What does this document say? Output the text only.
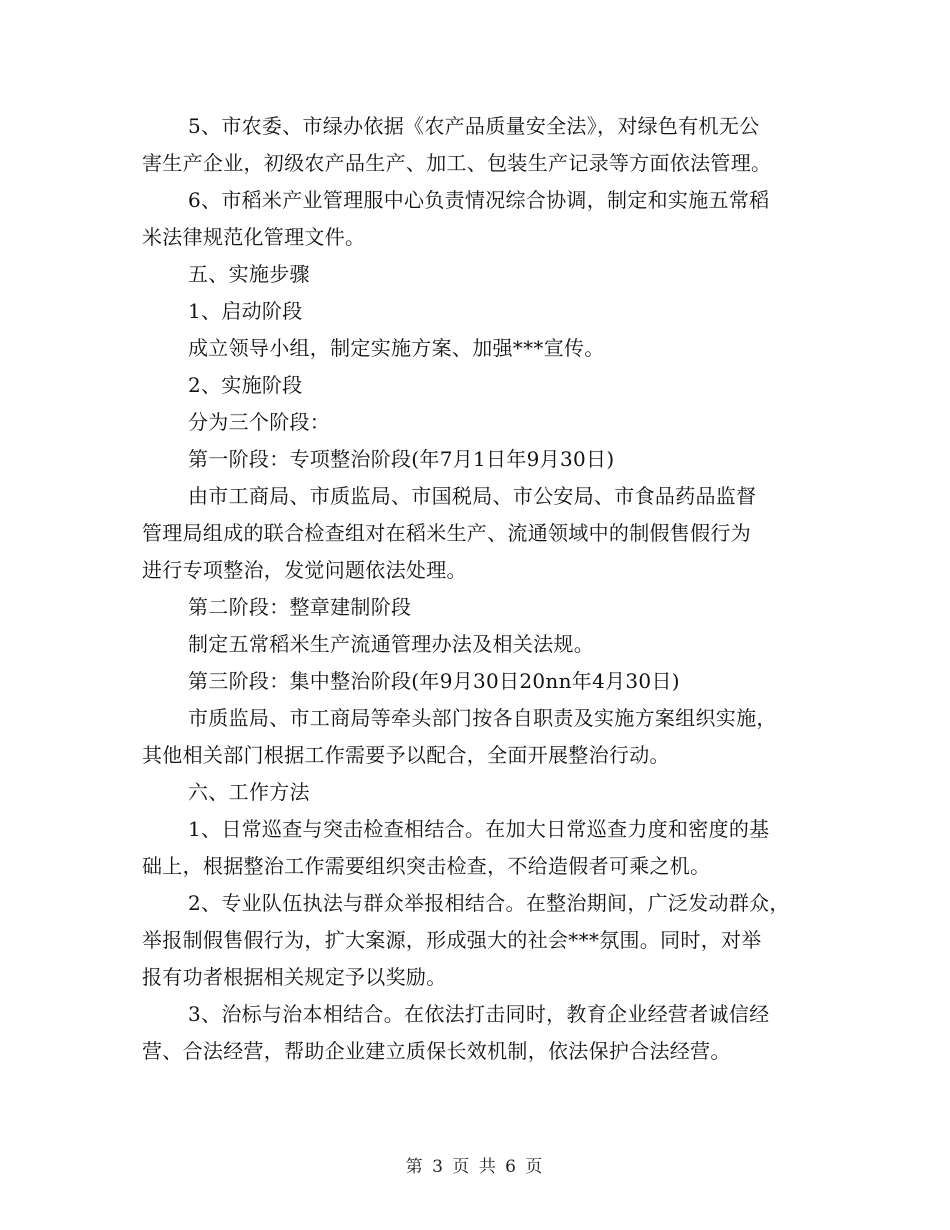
5、市农委、市绿办依据《农产品质量安全法》，对绿色有机无公
害生产企业，初级农产品生产、加工、包装生产记录等方面依法管理。
6、市稻米产业管理服中心负责情况综合协调，制定和实施五常稻
米法律规范化管理文件。
五、实施步骤
1、启动阶段
成立领导小组，制定实施方案、加强***宣传。
2、实施阶段
分为三个阶段：
第一阶段：专项整治阶段(年7月1日年9月30日)
由市工商局、市质监局、市国税局、市公安局、市食品药品监督
管理局组成的联合检查组对在稻米生产、流通领域中的制假售假行为
进行专项整治，发觉问题依法处理。
第二阶段：整章建制阶段
制定五常稻米生产流通管理办法及相关法规。
第三阶段：集中整治阶段(年9月30日20nn年4月30日)
市质监局、市工商局等牵头部门按各自职责及实施方案组织实施，
其他相关部门根据工作需要予以配合，全面开展整治行动。
六、工作方法
1、日常巡查与突击检查相结合。在加大日常巡查力度和密度的基
础上，根据整治工作需要组织突击检查，不给造假者可乘之机。
2、专业队伍执法与群众举报相结合。在整治期间，广泛发动群众，
举报制假售假行为，扩大案源，形成强大的社会***氛围。同时，对举
报有功者根据相关规定予以奖励。
3、治标与治本相结合。在依法打击同时，教育企业经营者诚信经
营、合法经营，帮助企业建立质保长效机制，依法保护合法经营。
第 3 页 共 6 页
